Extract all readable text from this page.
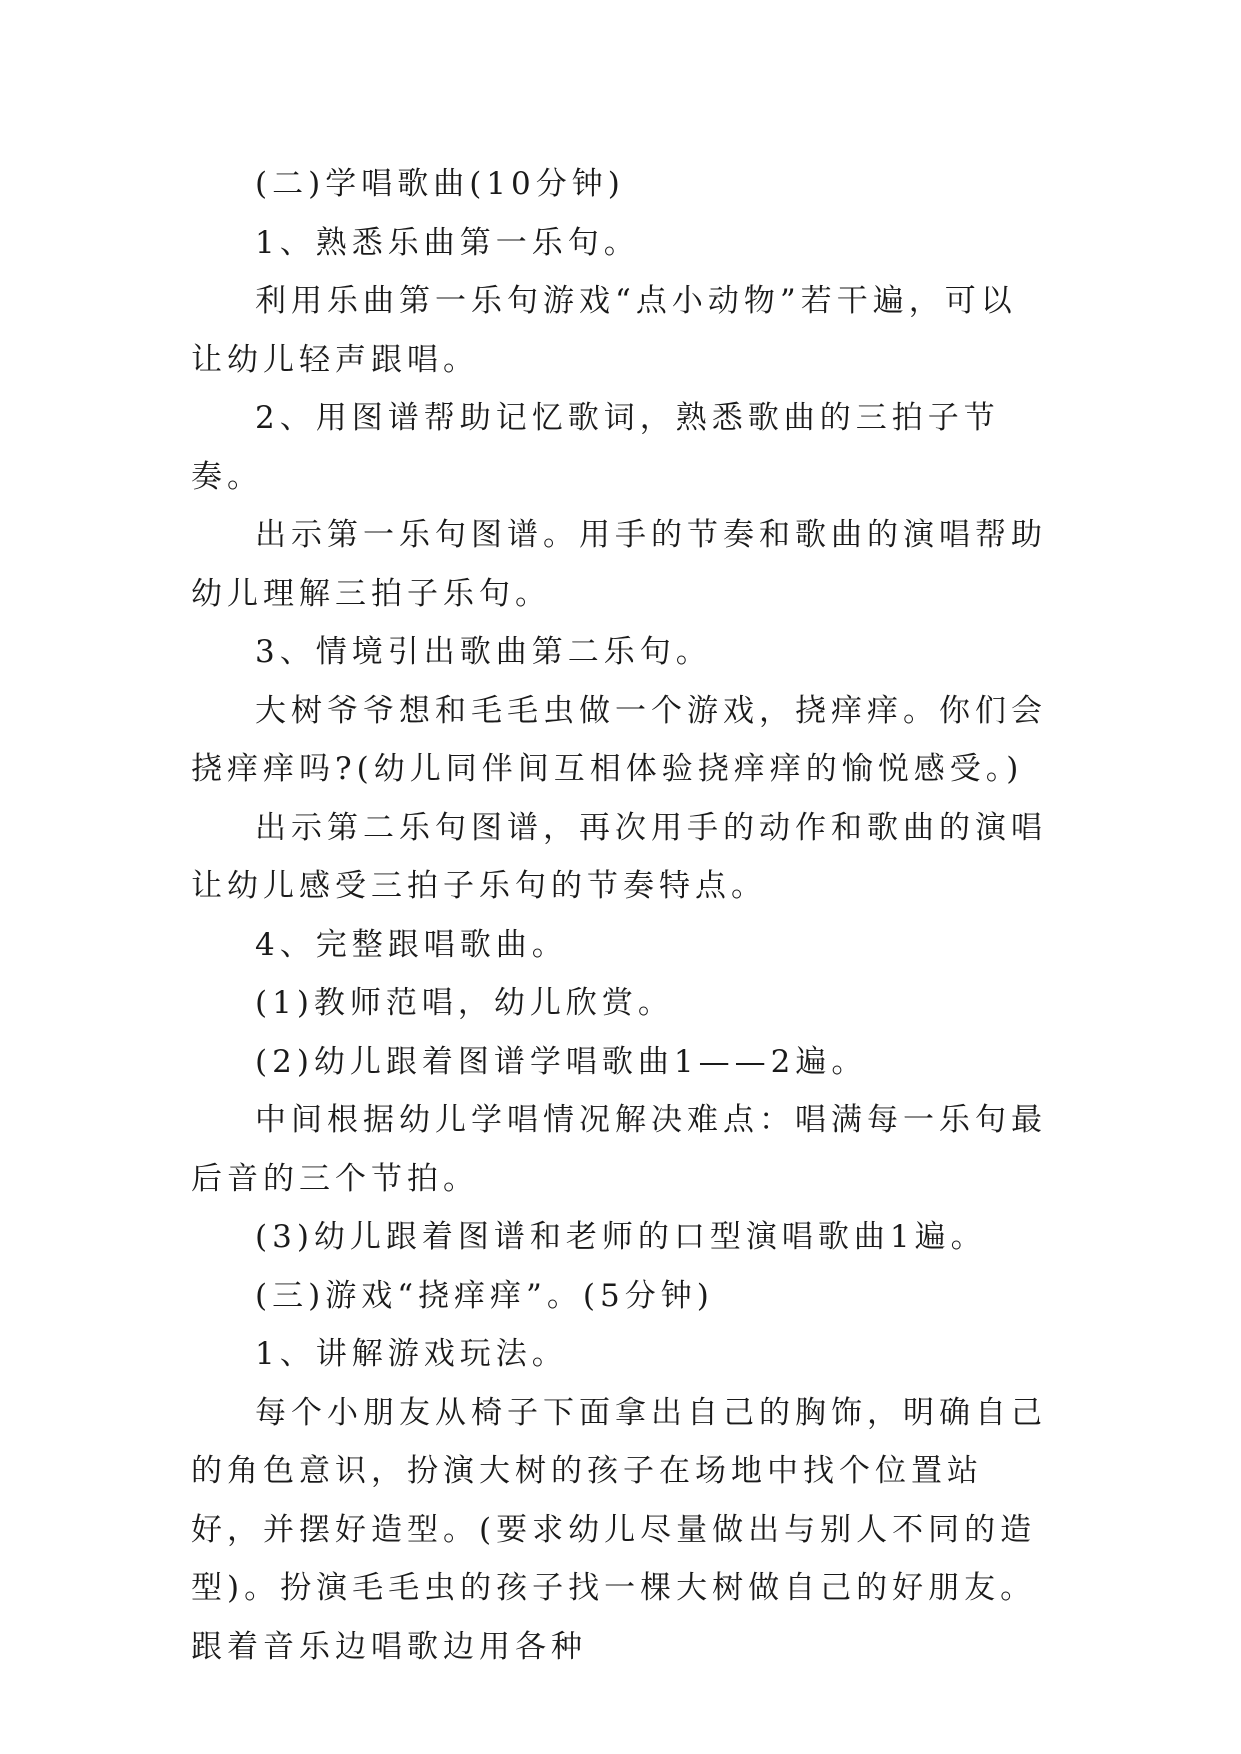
(二)学唱歌曲(10分钟)

1、熟悉乐曲第一乐句。

利用乐曲第一乐句游戏“点小动物”若干遍，可以让幼儿轻声跟唱。

2、用图谱帮助记忆歌词，熟悉歌曲的三拍子节奏。

出示第一乐句图谱。用手的节奏和歌曲的演唱帮助幼儿理解三拍子乐句。

3、情境引出歌曲第二乐句。

大树爷爷想和毛毛虫做一个游戏，挠痒痒。你们会挠痒痒吗?(幼儿同伴间互相体验挠痒痒的愉悦感受。)

出示第二乐句图谱，再次用手的动作和歌曲的演唱让幼儿感受三拍子乐句的节奏特点。

4、完整跟唱歌曲。

(1)教师范唱，幼儿欣赏。

(2)幼儿跟着图谱学唱歌曲1——2遍。

中间根据幼儿学唱情况解决难点：唱满每一乐句最后音的三个节拍。

(3)幼儿跟着图谱和老师的口型演唱歌曲1遍。

(三)游戏“挠痒痒”。(5分钟)

1、讲解游戏玩法。

每个小朋友从椅子下面拿出自己的胸饰，明确自己的角色意识，扮演大树的孩子在场地中找个位置站好，并摆好造型。(要求幼儿尽量做出与别人不同的造型)。扮演毛毛虫的孩子找一棵大树做自己的好朋友。跟着音乐边唱歌边用各种
